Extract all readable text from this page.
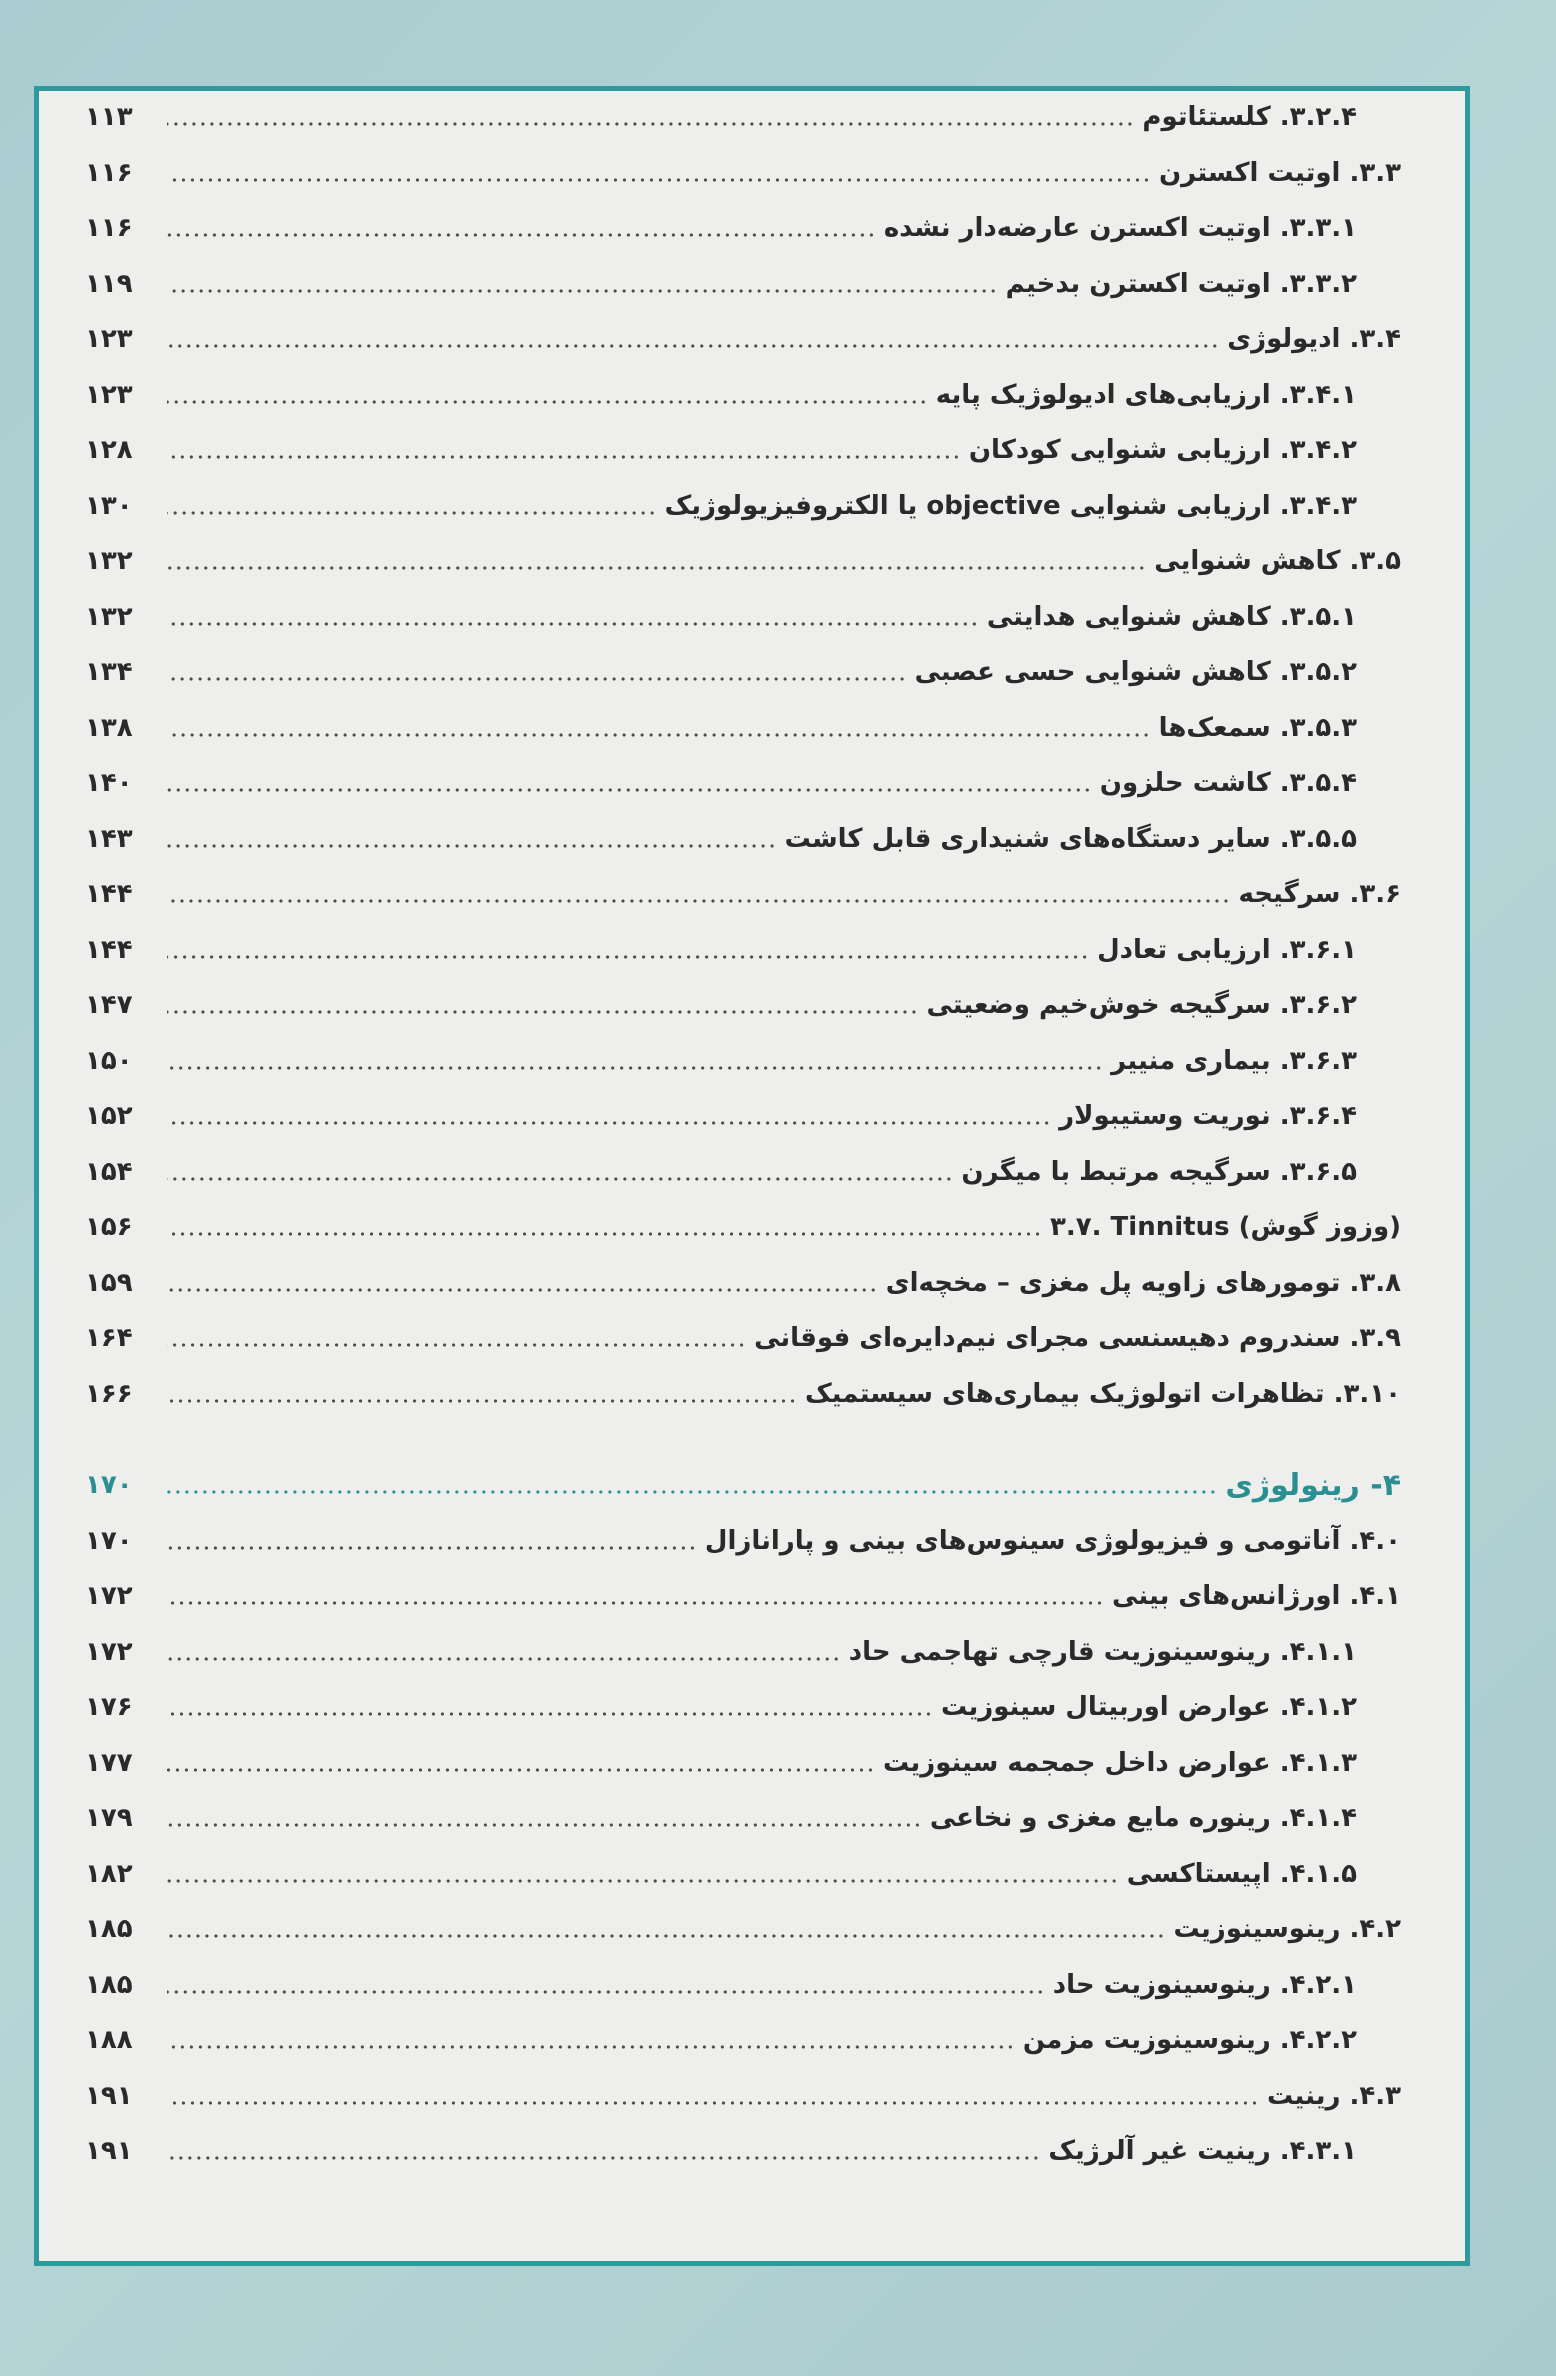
۳.۲.۴. کلستئاتوم
۱۱۳
۳.۳. اوتیت اکسترن
۱۱۶
۳.۳.۱. اوتیت اکسترن عارضه‌دار نشده
۱۱۶
۳.۳.۲. اوتیت اکسترن بدخیم
۱۱۹
۳.۴. ادیولوژی
۱۲۳
۳.۴.۱. ارزیابی‌های ادیولوژیک پایه
۱۲۳
۳.۴.۲. ارزیابی شنوایی کودکان
۱۲۸
۳.۴.۳. ارزیابی شنوایی objective یا الکتروفیزیولوژیک
۱۳۰
۳.۵. کاهش شنوایی
۱۳۲
۳.۵.۱. کاهش شنوایی هدایتی
۱۳۲
۳.۵.۲. کاهش شنوایی حسی عصبی
۱۳۴
۳.۵.۳. سمعک‌ها
۱۳۸
۳.۵.۴. کاشت حلزون
۱۴۰
۳.۵.۵. سایر دستگاه‌های شنیداری قابل کاشت
۱۴۳
۳.۶. سرگیجه
۱۴۴
۳.۶.۱. ارزیابی تعادل
۱۴۴
۳.۶.۲. سرگیجه خوش‌خیم وضعیتی
۱۴۷
۳.۶.۳. بیماری منییر
۱۵۰
۳.۶.۴. نوریت وستیبولار
۱۵۲
۳.۶.۵. سرگیجه مرتبط با میگرن
۱۵۴
۳.۷. Tinnitus (وزوز گوش)
۱۵۶
۳.۸. تومورهای زاویه پل مغزی – مخچه‌ای
۱۵۹
۳.۹. سندروم دهیسنسی مجرای نیم‌دایره‌ای فوقانی
۱۶۴
۳.۱۰. تظاهرات اتولوژیک بیماری‌های سیستمیک
۱۶۶
۴- رینولوژی
۱۷۰
۴.۰. آناتومی و فیزیولوژی سینوس‌های بینی و پارانازال
۱۷۰
۴.۱. اورژانس‌های بینی
۱۷۲
۴.۱.۱. رینوسینوزیت قارچی تهاجمی حاد
۱۷۲
۴.۱.۲. عوارض اوربیتال سینوزیت
۱۷۶
۴.۱.۳. عوارض داخل جمجمه سینوزیت
۱۷۷
۴.۱.۴. رینوره مایع مغزی و نخاعی
۱۷۹
۴.۱.۵. اپیستاکسی
۱۸۲
۴.۲. رینوسینوزیت
۱۸۵
۴.۲.۱. رینوسینوزیت حاد
۱۸۵
۴.۲.۲. رینوسینوزیت مزمن
۱۸۸
۴.۳. رینیت
۱۹۱
۴.۳.۱. رینیت غیر آلرژیک
۱۹۱
